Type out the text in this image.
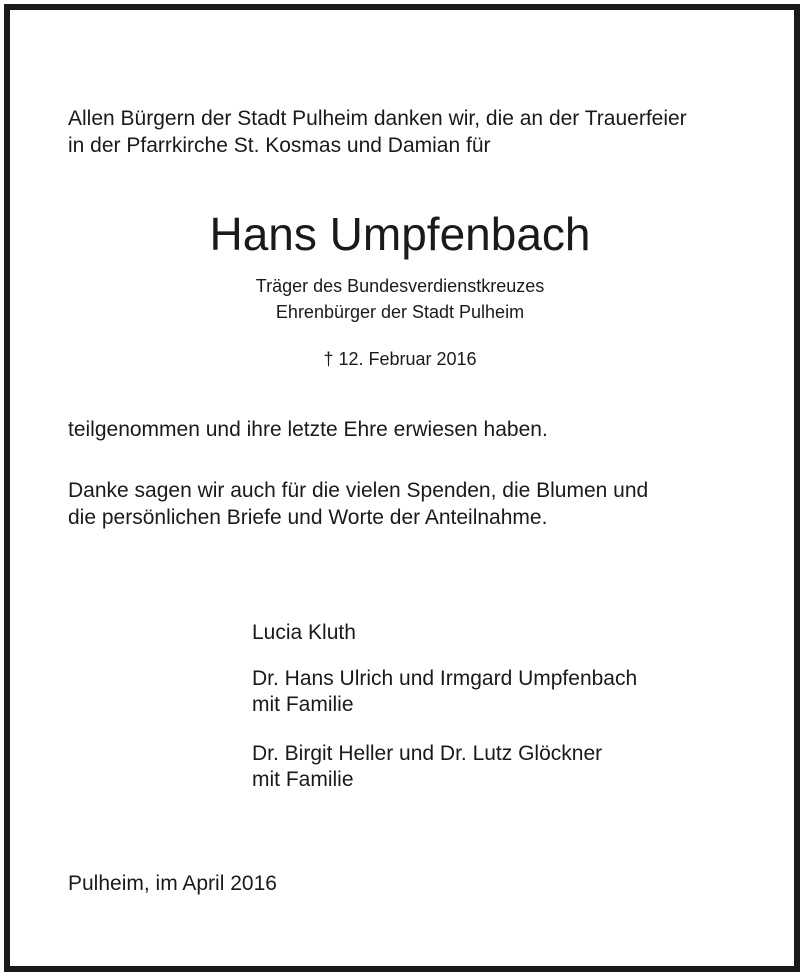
Allen Bürgern der Stadt Pulheim danken wir, die an der Trauerfeier
in der Pfarrkirche St. Kosmas und Damian für
Hans Umpfenbach
Träger des Bundesverdienstkreuzes
Ehrenbürger der Stadt Pulheim
† 12. Februar 2016
teilgenommen und ihre letzte Ehre erwiesen haben.
Danke sagen wir auch für die vielen Spenden, die Blumen und
die persönlichen Briefe und Worte der Anteilnahme.
Lucia Kluth
Dr. Hans Ulrich und Irmgard Umpfenbach
mit Familie
Dr. Birgit Heller und Dr. Lutz Glöckner
mit Familie
Pulheim, im April 2016
